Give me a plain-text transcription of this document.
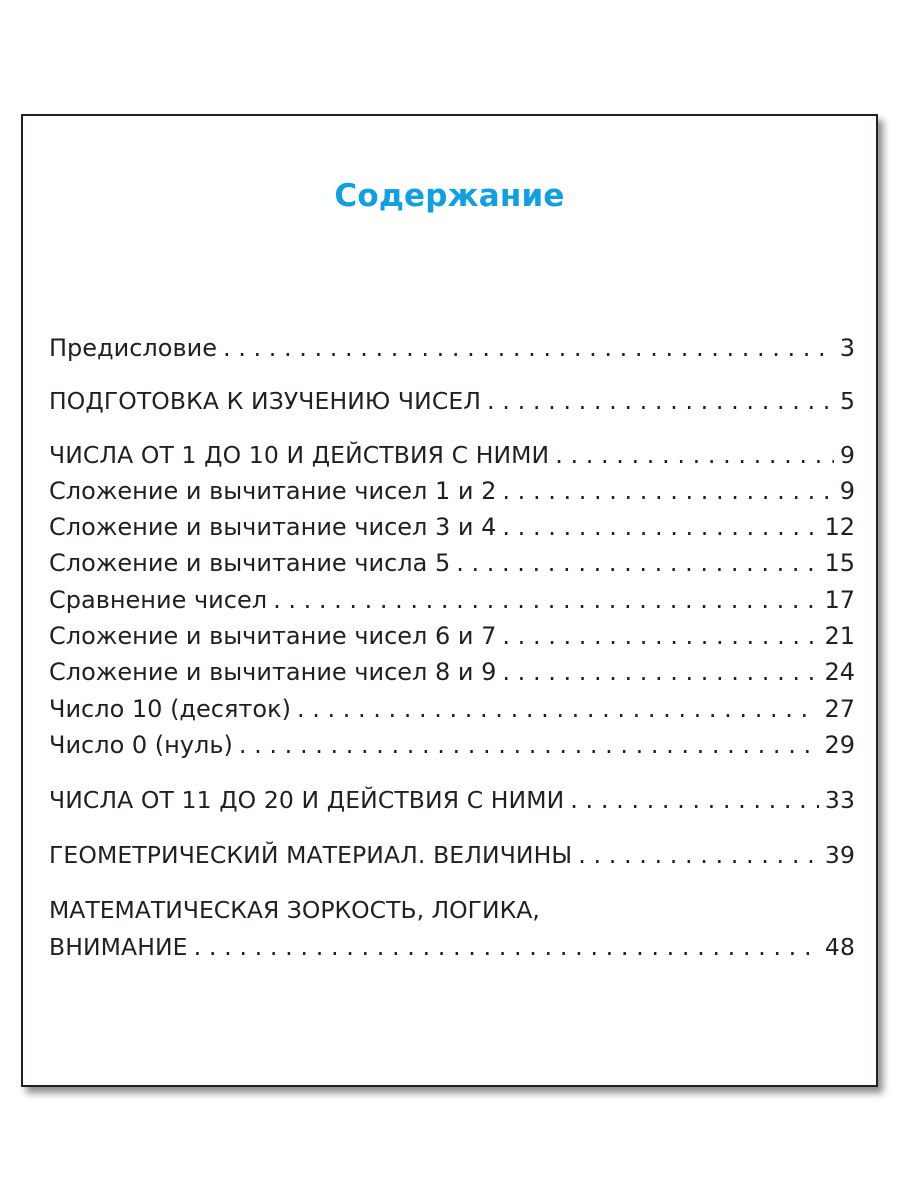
Содержание
Предисловие . . .	3
ПОДГОТОВКА К ИЗУЧЕНИЮ ЧИСЕЛ . . .	5
ЧИСЛА ОТ 1 ДО 10 И ДЕЙСТВИЯ С НИМИ . . .	9
Сложение и вычитание чисел 1 и 2 . . .	9
Сложение и вычитание чисел 3 и 4 . . .	12
Сложение и вычитание числа 5 . . .	15
Сравнение чисел . . .	17
Сложение и вычитание чисел 6 и 7 . . .	21
Сложение и вычитание чисел 8 и 9 . . .	24
Число 10 (десяток) . . .	27
Число 0 (нуль) . . .	29
ЧИСЛА ОТ 11 ДО 20 И ДЕЙСТВИЯ С НИМИ . . .	33
ГЕОМЕТРИЧЕСКИЙ МАТЕРИАЛ. ВЕЛИЧИНЫ . . .	39
МАТЕМАТИЧЕСКАЯ ЗОРКОСТЬ, ЛОГИКА,
ВНИМАНИЕ . . .	48
